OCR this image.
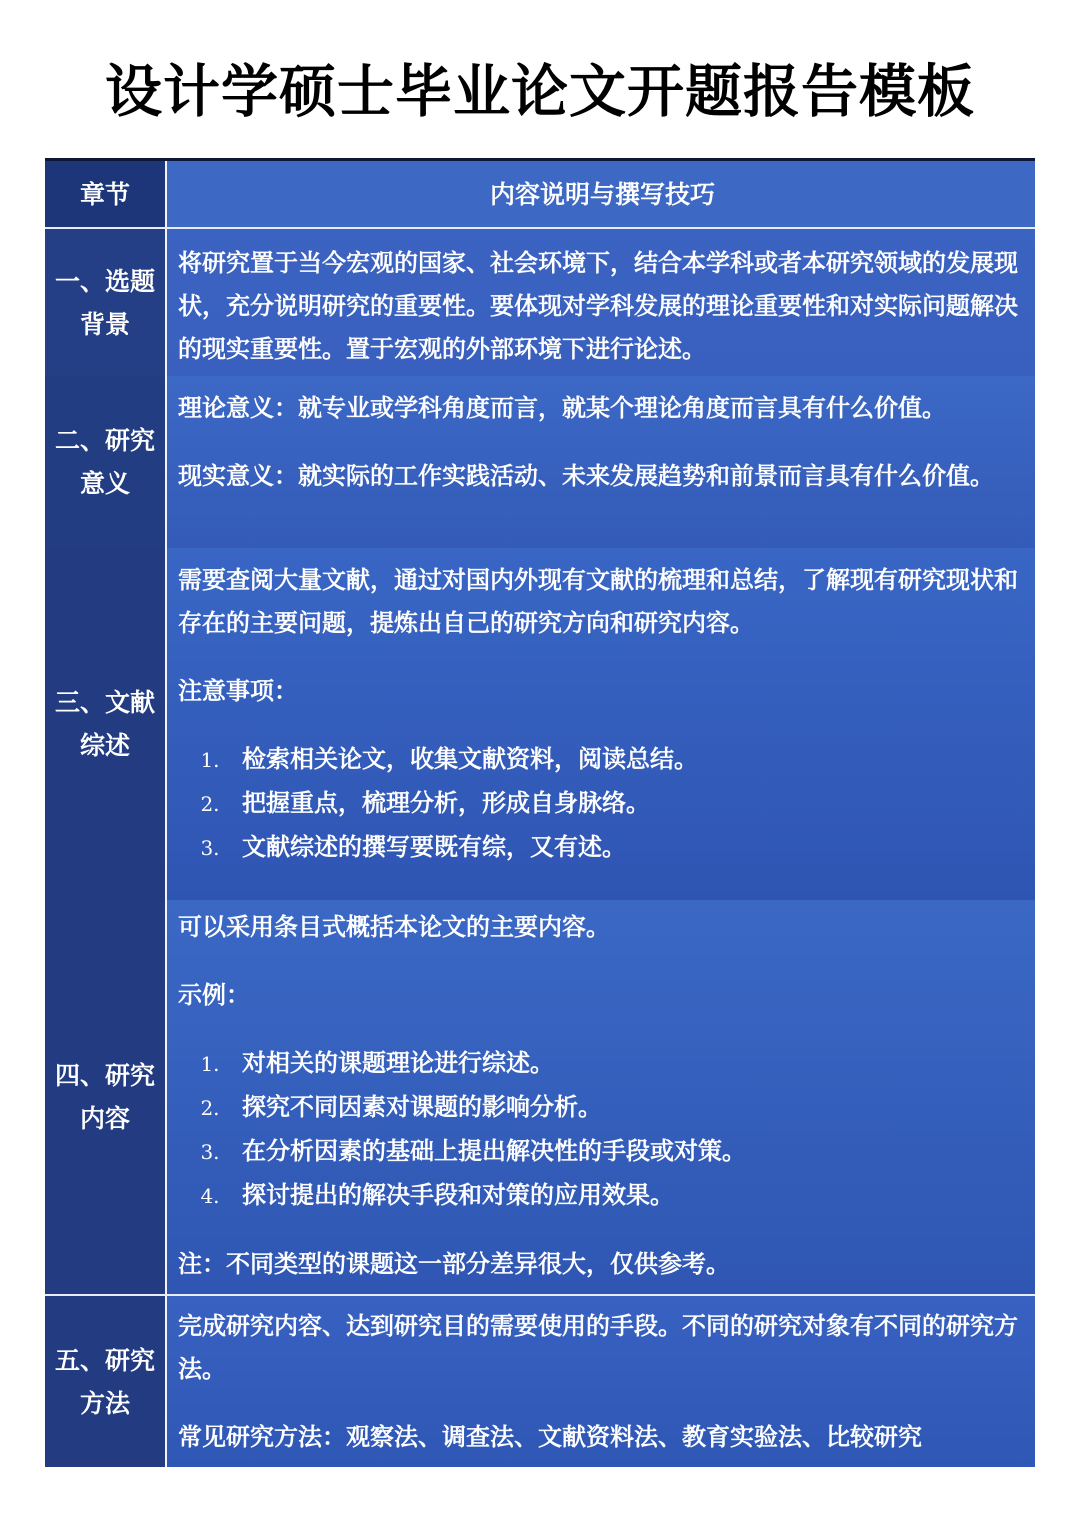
设计学硕士毕业论文开题报告模板
章节	内容说明与撰写技巧
一、选题背景

将研究置于当今宏观的国家、社会环境下，结合本学科或者本研究领域的发展现状，充分说明研究的重要性。要体现对学科发展的理论重要性和对实际问题解决的现实重要性。置于宏观的外部环境下进行论述。

二、研究意义

理论意义：就专业或学科角度而言，就某个理论角度而言具有什么价值。

现实意义：就实际的工作实践活动、未来发展趋势和前景而言具有什么价值。

三、文献综述

需要查阅大量文献，通过对国内外现有文献的梳理和总结，了解现有研究现状和存在的主要问题，提炼出自己的研究方向和研究内容。

注意事项：

1. 检索相关论文，收集文献资料，阅读总结。
2. 把握重点，梳理分析，形成自身脉络。
3. 文献综述的撰写要既有综，又有述。
四、研究内容

可以采用条目式概括本论文的主要内容。

示例：

1. 对相关的课题理论进行综述。
2. 探究不同因素对课题的影响分析。
3. 在分析因素的基础上提出解决性的手段或对策。
4. 探讨提出的解决手段和对策的应用效果。

注：不同类型的课题这一部分差异很大，仅供参考。

五、研究方法

完成研究内容、达到研究目的需要使用的手段。不同的研究对象有不同的研究方法。

常见研究方法：观察法、调查法、文献资料法、教育实验法、比较研究
